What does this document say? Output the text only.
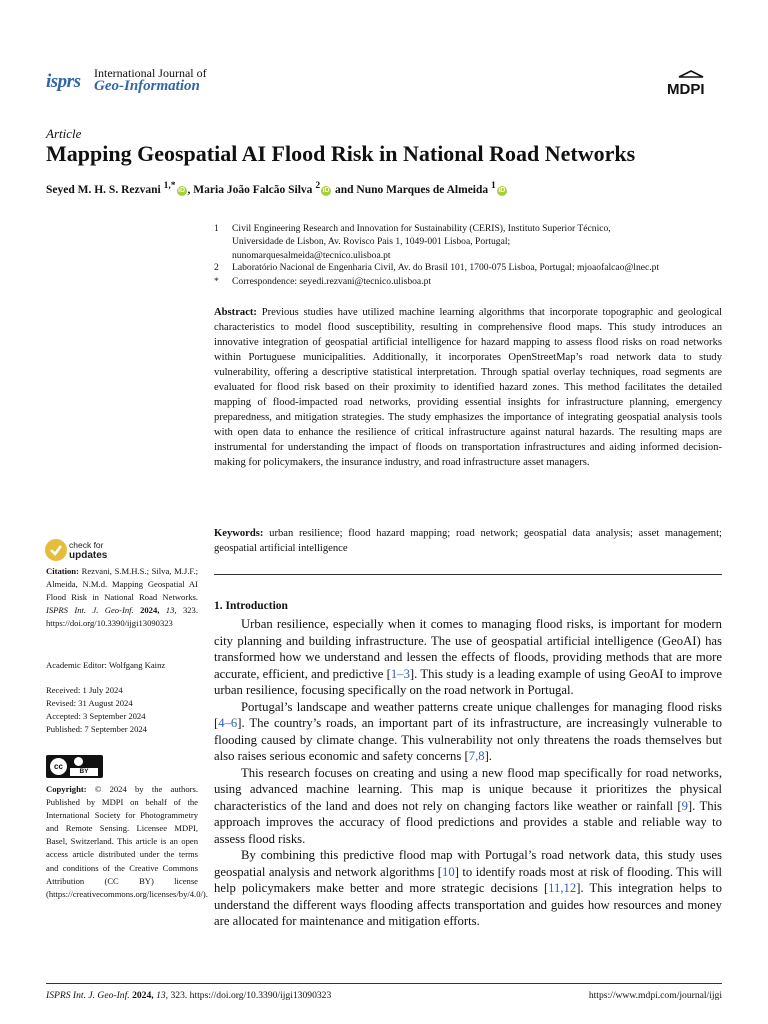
isprs International Journal of
Geo-Information	MDPI
Article
Mapping Geospatial AI Flood Risk in National Road Networks
Seyed M. H. S. Rezvani $^{1,*}$ iD , Maria João Falcão Silva $^2$ iD and Nuno Marques de Almeida $^1$ iD
1	Civil Engineering Research and Innovation for Sustainability (CERIS), Instituto Superior Técnico,
Universidade de Lisbon, Av. Rovisco Pais 1, 1049-001 Lisboa, Portugal;
nunomarquesalmeida@tecnico.ulisboa.pt
2	Laboratório Nacional de Engenharia Civil, Av. do Brasil 101, 1700-075 Lisboa, Portugal; mjoaofalcao@lnec.pt
*	Correspondence: seyedi.rezvani@tecnico.ulisboa.pt
Abstract: Previous studies have utilized machine learning algorithms that incorporate topographic and geological characteristics to model flood susceptibility, resulting in comprehensive flood maps. This study introduces an innovative integration of geospatial artificial intelligence for hazard mapping to assess flood risks on road networks within Portuguese municipalities. Additionally, it incorporates OpenStreetMap’s road network data to study vulnerability, offering a descriptive statistical interpretation. Through spatial overlay techniques, road segments are evaluated for flood risk based on their proximity to identified hazard zones. This method facilitates the detailed mapping of flood-impacted road networks, providing essential insights for infrastructure planning, emergency preparedness, and mitigation strategies. The study emphasizes the importance of integrating geospatial analysis tools with open data to enhance the resilience of critical infrastructure against natural hazards. The resulting maps are instrumental for understanding the impact of floods on transportation infrastructures and aiding informed decision-making for policymakers, the insurance industry, and road infrastructure asset managers.
Keywords: urban resilience; flood hazard mapping; road network; geospatial data analysis; asset management; geospatial artificial intelligence
check for
updates
Citation: Rezvani, S.M.H.S.; Silva, M.J.F.; Almeida, N.M.d. Mapping Geospatial AI Flood Risk in National Road Networks. ISPRS Int. J. Geo-Inf. 2024, 13, 323. https://doi.org/10.3390/ijgi13090323
Academic Editor: Wolfgang Kainz
Received: 1 July 2024
Revised: 31 August 2024
Accepted: 3 September 2024
Published: 7 September 2024
cc
BY
Copyright: © 2024 by the authors. Published by MDPI on behalf of the International Society for Photogrammetry and Remote Sensing. Licensee MDPI, Basel, Switzerland. This article is an open access article distributed under the terms and conditions of the Creative Commons Attribution (CC BY) license (https://creativecommons.org/licenses/by/4.0/).
1. Introduction

Urban resilience, especially when it comes to managing flood risks, is important for modern city planning and building infrastructure. The use of geospatial artificial intelligence (GeoAI) has transformed how we understand and lessen the effects of floods, providing methods that are more accurate, efficient, and predictive [1–3]. This study is a leading example of using GeoAI to improve urban resilience, focusing specifically on the road network in Portugal.

Portugal’s landscape and weather patterns create unique challenges for managing flood risks [4–6]. The country’s roads, an important part of its infrastructure, are increasingly vulnerable to flooding caused by climate change. This vulnerability not only threatens the roads themselves but also raises serious economic and safety concerns [7,8].

This research focuses on creating and using a new flood map specifically for road networks, using advanced machine learning. This map is unique because it prioritizes the physical characteristics of the land and does not rely on changing factors like weather or rainfall [9]. This approach improves the accuracy of flood predictions and provides a stable and reliable way to assess flood risks.

By combining this predictive flood map with Portugal’s road network data, this study uses geospatial analysis and network algorithms [10] to identify roads most at risk of flooding. This will help policymakers make better and more strategic decisions [11,12]. This integration helps to understand the different ways flooding affects transportation and guides how resources and money are allocated for maintenance and mitigation efforts.

ISPRS Int. J. Geo-Inf. 2024, 13, 323. https://doi.org/10.3390/ijgi13090323	https://www.mdpi.com/journal/ijgi
